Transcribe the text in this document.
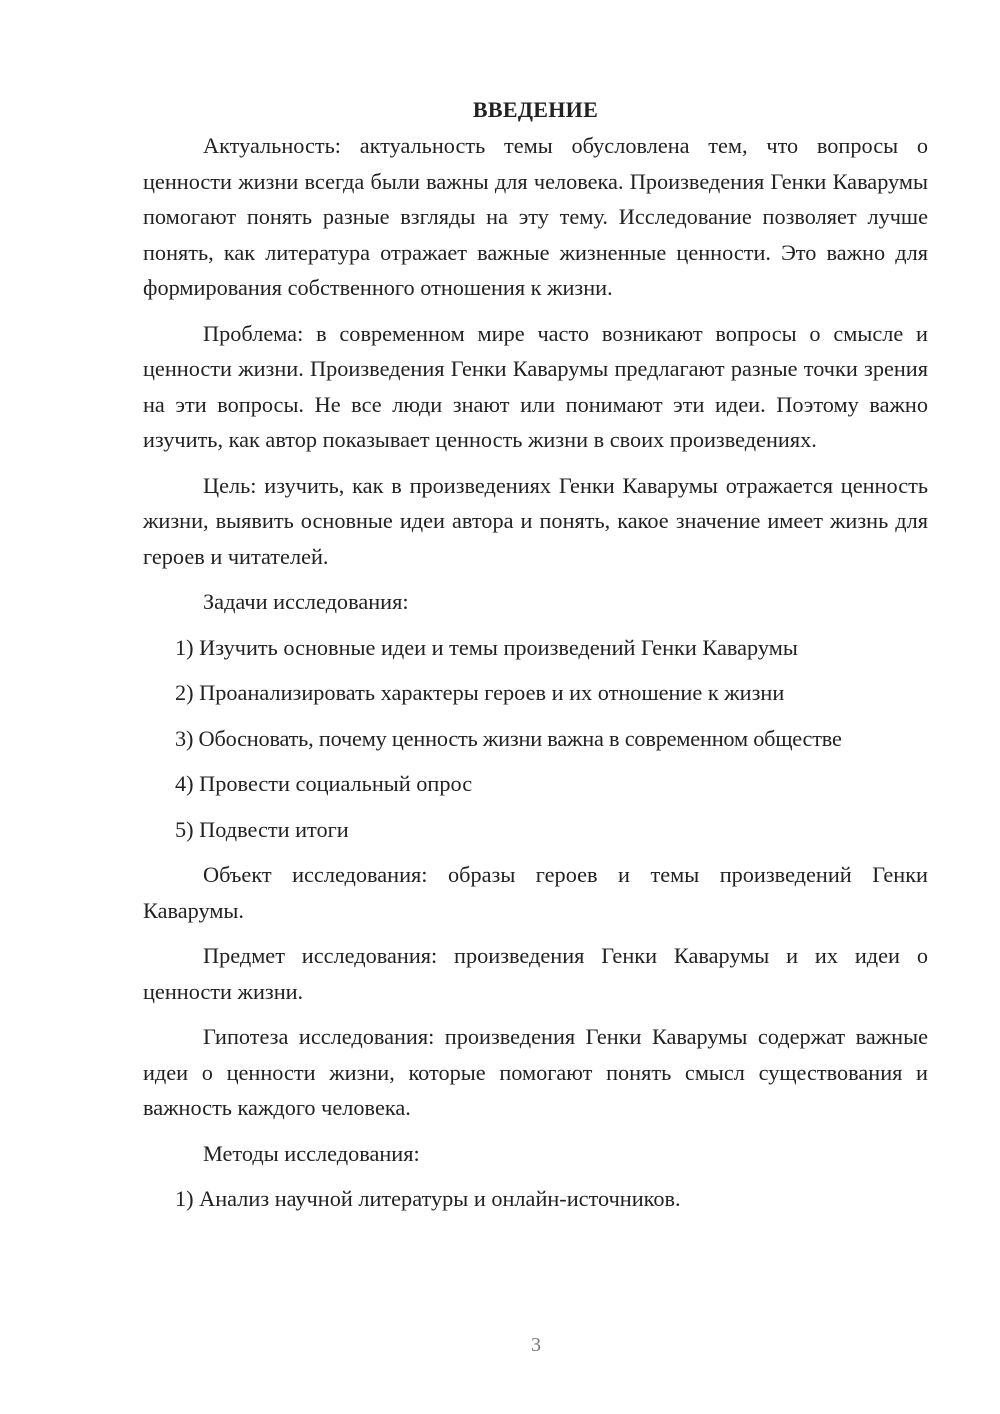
ВВЕДЕНИЕ

Актуальность: актуальность темы обусловлена тем, что вопросы о ценности жизни всегда были важны для человека. Произведения Генки Каварумы помогают понять разные взгляды на эту тему. Исследование позволяет лучше понять, как литература отражает важные жизненные ценности. Это важно для формирования собственного отношения к жизни.

Проблема: в современном мире часто возникают вопросы о смысле и ценности жизни. Произведения Генки Каварумы предлагают разные точки зрения на эти вопросы. Не все люди знают или понимают эти идеи. Поэтому важно изучить, как автор показывает ценность жизни в своих произведениях.

Цель: изучить, как в произведениях Генки Каварумы отражается ценность жизни, выявить основные идеи автора и понять, какое значение имеет жизнь для героев и читателей.

Задачи исследования:

1) Изучить основные идеи и темы произведений Генки Каварумы

2) Проанализировать характеры героев и их отношение к жизни

3) Обосновать, почему ценность жизни важна в современном обществе

4) Провести социальный опрос

5) Подвести итоги

Объект исследования: образы героев и темы произведений Генки Каварумы.

Предмет исследования: произведения Генки Каварумы и их идеи о ценности жизни.

Гипотеза исследования: произведения Генки Каварумы содержат важные идеи о ценности жизни, которые помогают понять смысл существования и важность каждого человека.

Методы исследования:

1) Анализ научной литературы и онлайн-источников.

3
